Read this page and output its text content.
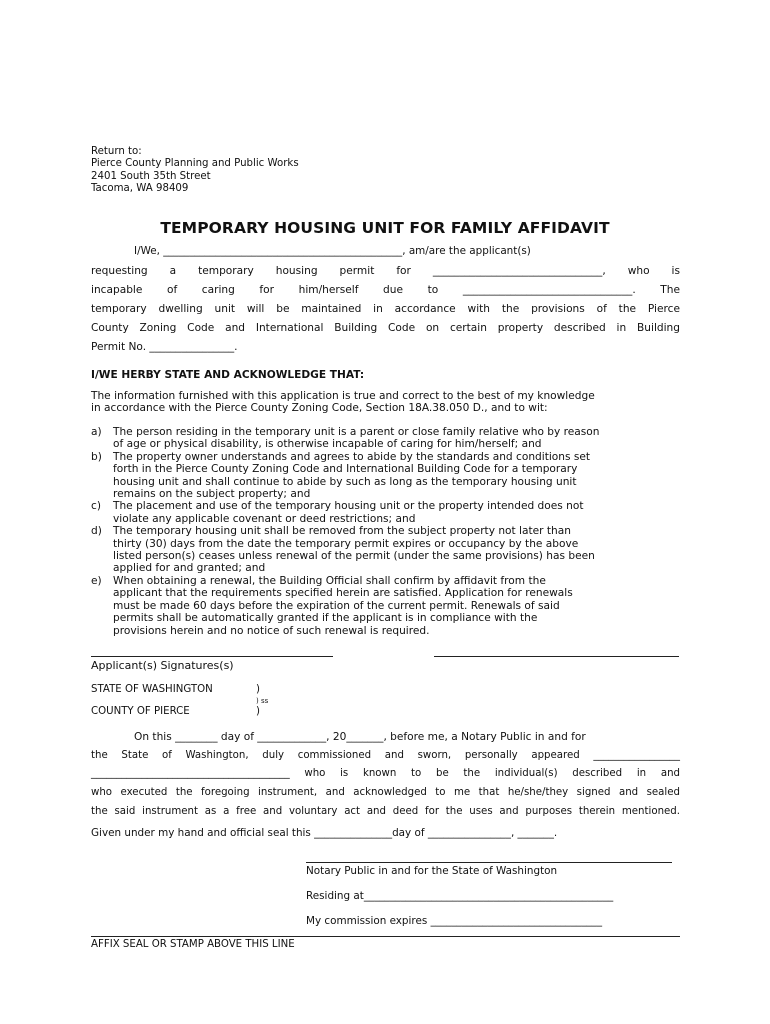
Return to:
Pierce County Planning and Public Works
2401 South 35th Street
Tacoma, WA 98409
TEMPORARY HOUSING UNIT FOR FAMILY AFFIDAVIT
I/We, ______________________________________________, am/are the applicant(s)
requesting a temporary housing permit for ________________________________, who is
incapable of caring for him/herself due to ________________________________. The
temporary dwelling unit will be maintained in accordance with the provisions of the Pierce
County Zoning Code and International Building Code on certain property described in Building
Permit No. ________________.
I/WE HERBY STATE AND ACKNOWLEDGE THAT:
The information furnished with this application is true and correct to the best of my knowledge
in accordance with the Pierce County Zoning Code, Section 18A.38.050 D., and to wit:
a) The person residing in the temporary unit is a parent or close family relative who by reason
of age or physical disability, is otherwise incapable of caring for him/herself; and
b) The property owner understands and agrees to abide by the standards and conditions set
forth in the Pierce County Zoning Code and International Building Code for a temporary
housing unit and shall continue to abide by such as long as the temporary housing unit
remains on the subject property; and
c) The placement and use of the temporary housing unit or the property intended does not
violate any applicable covenant or deed restrictions; and
d) The temporary housing unit shall be removed from the subject property not later than
thirty (30) days from the date the temporary permit expires or occupancy by the above
listed person(s) ceases unless renewal of the permit (under the same provisions) has been
applied for and granted; and
e) When obtaining a renewal, the Building Official shall confirm by affidavit from the
applicant that the requirements specified herein are satisfied. Application for renewals
must be made 60 days before the expiration of the current permit. Renewals of said
permits shall be automatically granted if the applicant is in compliance with the
provisions herein and no notice of such renewal is required.
Applicant(s) Signatures(s)
STATE OF WASHINGTON	)
) ss
COUNTY OF PIERCE	)
On this ________ day of _____________, 20_______, before me, a Notary Public in and for
the State of Washington, duly commissioned and sworn, personally appeared _________________
_______________________________________ who is known to be the individual(s) described in and
who executed the foregoing instrument, and acknowledged to me that he/she/they signed and sealed
the said instrument as a free and voluntary act and deed for the uses and purposes therein mentioned.
Given under my hand and official seal this _______________day of ________________, _______.
Notary Public in and for the State of Washington
Residing at________________________________________________
My commission expires _________________________________
AFFIX SEAL OR STAMP ABOVE THIS LINE
